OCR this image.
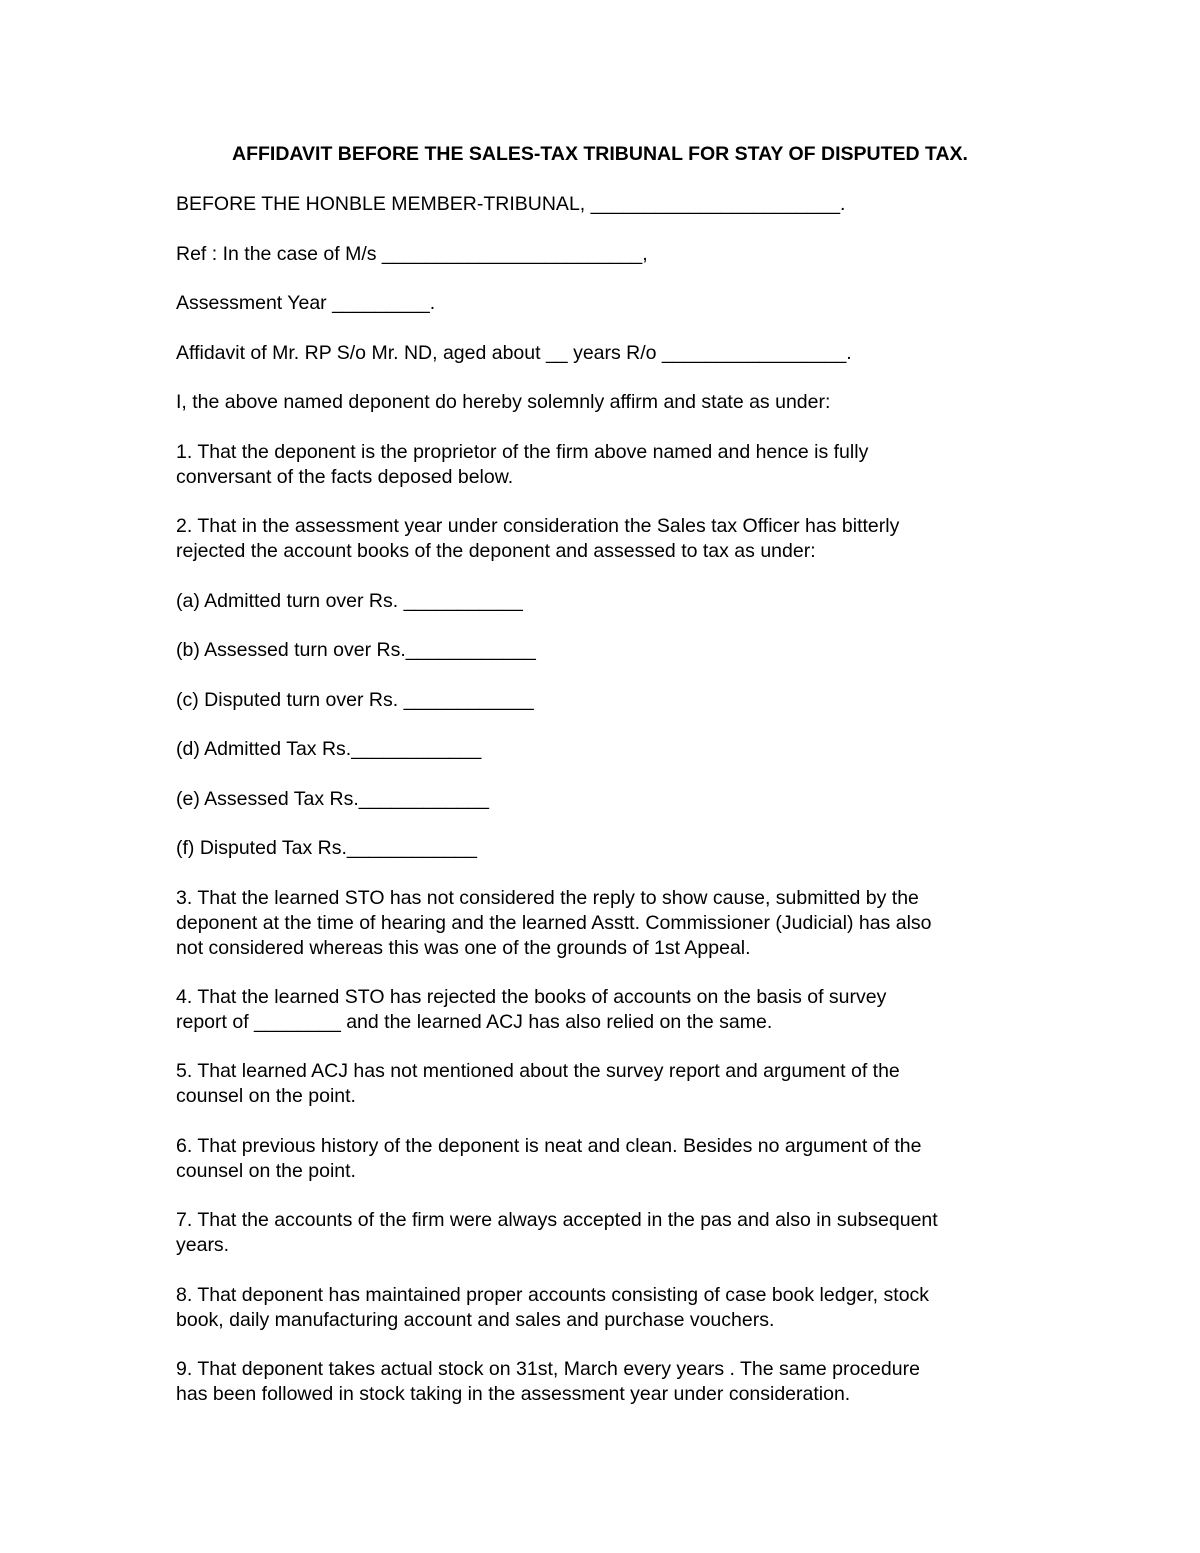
AFFIDAVIT BEFORE THE SALES-TAX TRIBUNAL FOR STAY OF DISPUTED TAX.

BEFORE THE HONBLE MEMBER-TRIBUNAL, _______________________.

Ref : In the case of M/s ________________________,

Assessment Year _________.

Affidavit of Mr. RP S/o Mr. ND, aged about __ years R/o _________________.

I, the above named deponent do hereby solemnly affirm and state as under:

1. That the deponent is the proprietor of the firm above named and hence is fully
conversant of the facts deposed below.

2. That in the assessment year under consideration the Sales tax Officer has bitterly
rejected the account books of the deponent and assessed to tax as under:

(a) Admitted turn over Rs. ___________

(b) Assessed turn over Rs.____________

(c) Disputed turn over Rs. ____________

(d) Admitted Tax Rs.____________

(e) Assessed Tax Rs.____________

(f) Disputed Tax Rs.____________

3. That the learned STO has not considered the reply to show cause, submitted by the
deponent at the time of hearing and the learned Asstt. Commissioner (Judicial) has also
not considered whereas this was one of the grounds of 1st Appeal.

4. That the learned STO has rejected the books of accounts on the basis of survey
report of ________ and the learned ACJ has also relied on the same.

5. That learned ACJ has not mentioned about the survey report and argument of the
counsel on the point.

6. That previous history of the deponent is neat and clean. Besides no argument of the
counsel on the point.

7. That the accounts of the firm were always accepted in the pas and also in subsequent
years.

8. That deponent has maintained proper accounts consisting of case book ledger, stock
book, daily manufacturing account and sales and purchase vouchers.

9. That deponent takes actual stock on 31st, March every years . The same procedure
has been followed in stock taking in the assessment year under consideration.
